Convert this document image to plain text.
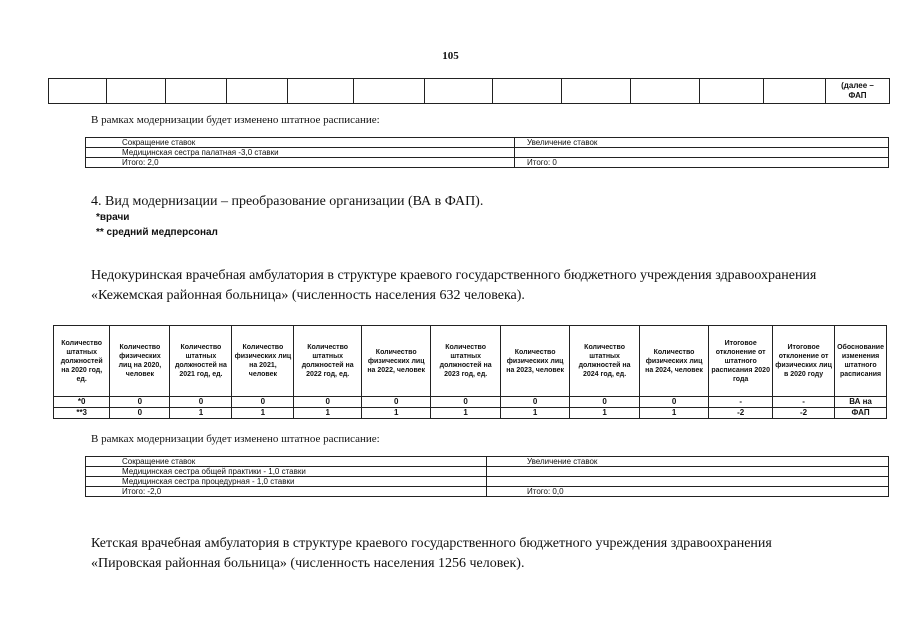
105

(далее –
ФАП
В рамках модернизации будет изменено штатное расписание:
Сокращение ставок	Увеличение ставок
Медицинская сестра палатная -3,0 ставки	
Итого: 2,0	Итого: 0
4. Вид модернизации – преобразование организации (ВА в ФАП).
*врачи
** средний медперсонал
Недокуринская врачебная амбулатория в структуре краевого государственного бюджетного учреждения здравоохранения «Кежемская районная больница» (численность населения 632 человека).
Количество штатных должностей на 2020 год, ед.	Количество физических лиц на 2020, человек	Количество штатных должностей на 2021 год, ед.	Количество физических лиц на 2021, человек	Количество штатных должностей на 2022 год, ед.	Количество физических лиц на 2022, человек	Количество штатных должностей на 2023 год, ед.	Количество физических лиц на 2023, человек	Количество штатных должностей на 2024 год, ед.	Количество физических лиц на 2024, человек	Итоговое отклонение от штатного расписания 2020 года	Итоговое отклонение от физических лиц в 2020 году	Обоснование изменения штатного расписания
*0	0	0	0	0	0	0	0	0	0	-	-	ВА на
**3	0	1	1	1	1	1	1	1	1	-2	-2	ФАП
В рамках модернизации будет изменено штатное расписание:
Сокращение ставок	Увеличение ставок
Медицинская сестра общей практики - 1,0 ставки	
Медицинская сестра процедурная - 1,0 ставки	
Итого: -2,0	Итого: 0,0
Кетская врачебная амбулатория в структуре краевого государственного бюджетного учреждения здравоохранения «Пировская районная больница» (численность населения 1256 человек).
